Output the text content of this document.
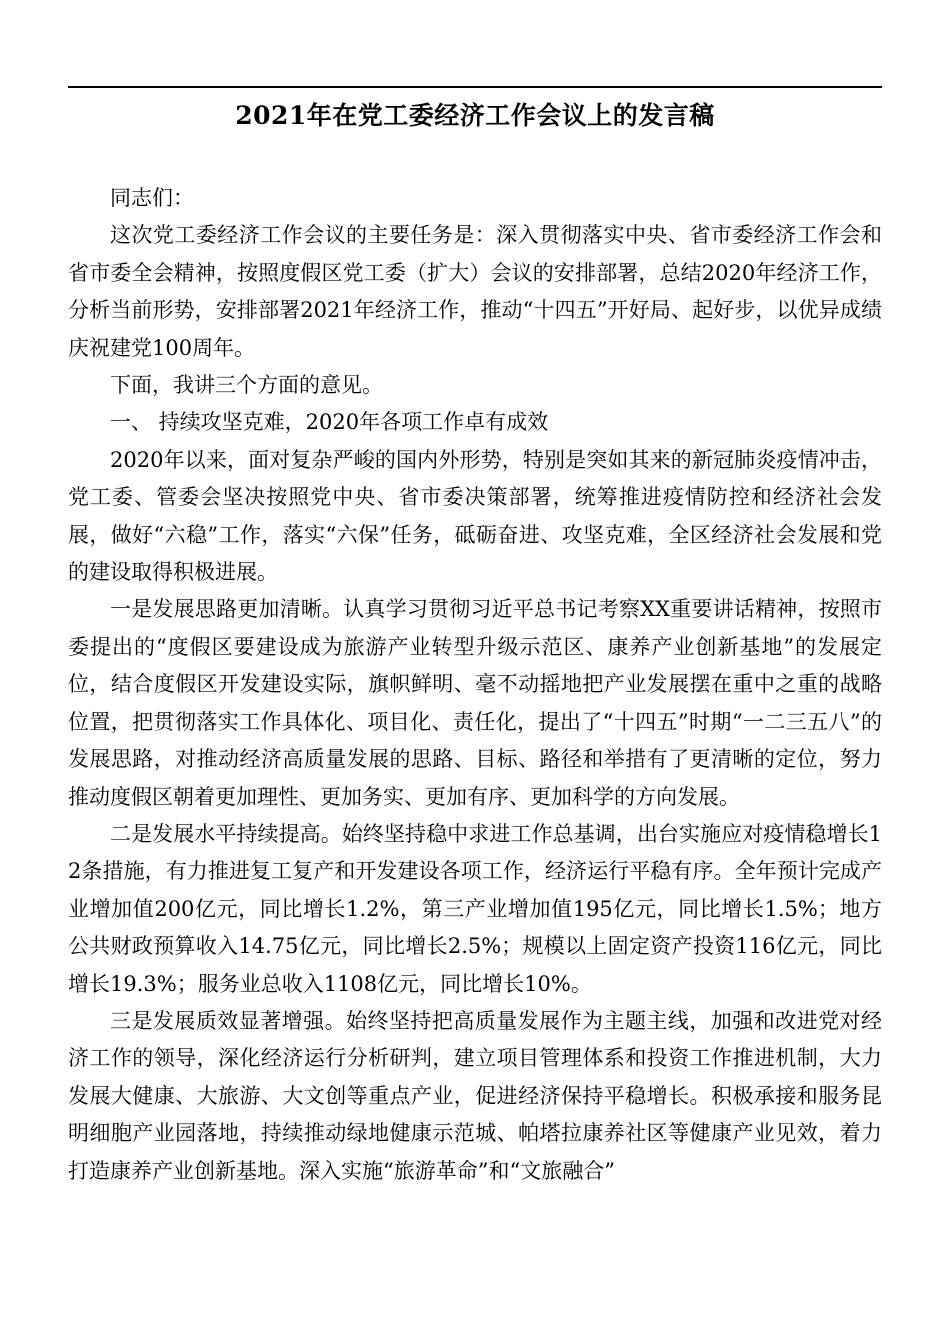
2021年在党工委经济工作会议上的发言稿

同志们：

这次党工委经济工作会议的主要任务是：深入贯彻落实中央、省市委经济工作会和省市委全会精神，按照度假区党工委（扩大）会议的安排部署，总结2020年经济工作，分析当前形势，安排部署2021年经济工作，推动“十四五”开好局、起好步，以优异成绩庆祝建党100周年。

下面，我讲三个方面的意见。

一、 持续攻坚克难，2020年各项工作卓有成效

2020年以来，面对复杂严峻的国内外形势，特别是突如其来的新冠肺炎疫情冲击，党工委、管委会坚决按照党中央、省市委决策部署，统筹推进疫情防控和经济社会发展，做好“六稳”工作，落实“六保”任务，砥砺奋进、攻坚克难，全区经济社会发展和党的建设取得积极进展。

一是发展思路更加清晰。认真学习贯彻习近平总书记考察XX重要讲话精神，按照市委提出的“度假区要建设成为旅游产业转型升级示范区、康养产业创新基地”的发展定位，结合度假区开发建设实际，旗帜鲜明、毫不动摇地把产业发展摆在重中之重的战略位置，把贯彻落实工作具体化、项目化、责任化，提出了“十四五”时期“一二三五八”的发展思路，对推动经济高质量发展的思路、目标、路径和举措有了更清晰的定位，努力推动度假区朝着更加理性、更加务实、更加有序、更加科学的方向发展。

二是发展水平持续提高。始终坚持稳中求进工作总基调，出台实施应对疫情稳增长12条措施，有力推进复工复产和开发建设各项工作，经济运行平稳有序。全年预计完成产业增加值200亿元，同比增长1.2%，第三产业增加值195亿元，同比增长1.5%；地方公共财政预算收入14.75亿元，同比增长2.5%；规模以上固定资产投资116亿元，同比增长19.3%；服务业总收入1108亿元，同比增长10%。

三是发展质效显著增强。始终坚持把高质量发展作为主题主线，加强和改进党对经济工作的领导，深化经济运行分析研判，建立项目管理体系和投资工作推进机制，大力发展大健康、大旅游、大文创等重点产业，促进经济保持平稳增长。积极承接和服务昆明细胞产业园落地，持续推动绿地健康示范城、帕塔拉康养社区等健康产业见效，着力打造康养产业创新基地。深入实施“旅游革命”和“文旅融合”
